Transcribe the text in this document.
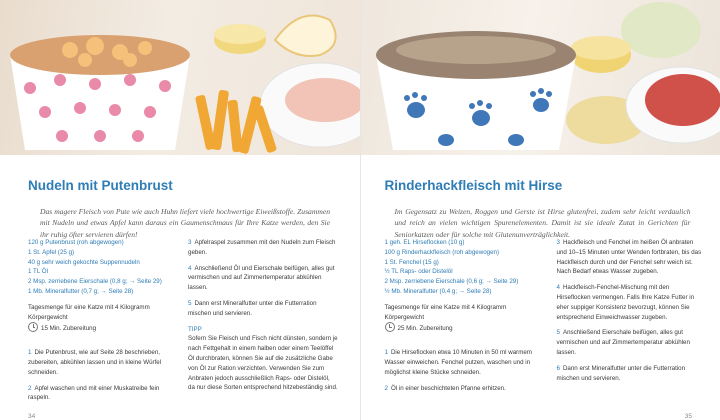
Nudeln mit Putenbrust

Das magere Fleisch von Pute wie auch Huhn liefert viele hochwertige Eiweißstoffe. Zusammen mit Nudeln und etwas Apfel kann daraus ein Gaumenschmaus für Ihre Katze werden, den Sie ihr ruhig öfter servieren dürfen!

120 g Putenbrust (roh abgewogen)

1 St. Apfel (25 g)

40 g sehr weich gekochte Suppennudeln

1 TL Öl

2 Msp. zerriebene Eierschale (0,8 g; → Seite 29)

1 Mb. Mineralfutter (0,7 g; → Seite 28)

Tagesmenge für eine Katze mit 4 Kilogramm Körpergewicht

15 Min. Zubereitung

1 Die Putenbrust, wie auf Seite 28 beschrieben, zubereiten, abkühlen lassen und in kleine Würfel schneiden.

2 Apfel waschen und mit einer Muskatreibe fein raspeln.

3 Apfelraspel zusammen mit den Nudeln zum Fleisch geben.

4 Anschließend Öl und Eierschale beifügen, alles gut vermischen und auf Zimmertemperatur abkühlen lassen.

5 Dann erst Mineralfutter unter die Futterration mischen und servieren.

TIPP

Sofern Sie Fleisch und Fisch nicht dünsten, sondern je nach Fettgehalt in einem halben oder einem Teelöffel Öl durchbraten, können Sie auf die zusätzliche Gabe von Öl zur Ration verzichten. Verwenden Sie zum Anbraten jedoch ausschließlich Raps- oder Distelöl, da nur diese Sorten entsprechend hitzebeständig sind.

34
Rinderhackfleisch mit Hirse

Im Gegensatz zu Weizen, Roggen und Gerste ist Hirse glutenfrei, zudem sehr leicht verdaulich und reich an vielen wichtigen Spurenelementen. Damit ist sie ideale Zutat in Gerichten für Seniorkatzen oder für solche mit Glutenunverträglichkeit.

1 geh. EL Hirseflocken (10 g)

100 g Rinderhackfleisch (roh abgewogen)

1 St. Fenchel (15 g)

½ TL Raps- oder Distelöl

2 Msp. zerriebene Eierschale (0,6 g; → Seite 29)

½ Mb. Mineralfutter (0,4 g; → Seite 28)

Tagesmenge für eine Katze mit 4 Kilogramm Körpergewicht

25 Min. Zubereitung

1 Die Hirseflocken etwa 10 Minuten in 50 ml warmem Wasser einweichen. Fenchel putzen, waschen und in möglichst kleine Stücke schneiden.

2 Öl in einer beschichteten Pfanne erhitzen.

3 Hackfleisch und Fenchel im heißen Öl anbraten und 10–15 Minuten unter Wenden fortbraten, bis das Hackfleisch durch und der Fenchel sehr weich ist. Nach Bedarf etwas Wasser zugeben.

4 Hackfleisch-Fenchel-Mischung mit den Hirseflocken vermengen. Falls Ihre Katze Futter in eher suppiger Konsistenz bevorzugt, können Sie entsprechend Einweichwasser zugeben.

5 Anschließend Eierschale beifügen, alles gut vermischen und auf Zimmertemperatur abkühlen lassen.

6 Dann erst Mineralfutter unter die Futterration mischen und servieren.

35
